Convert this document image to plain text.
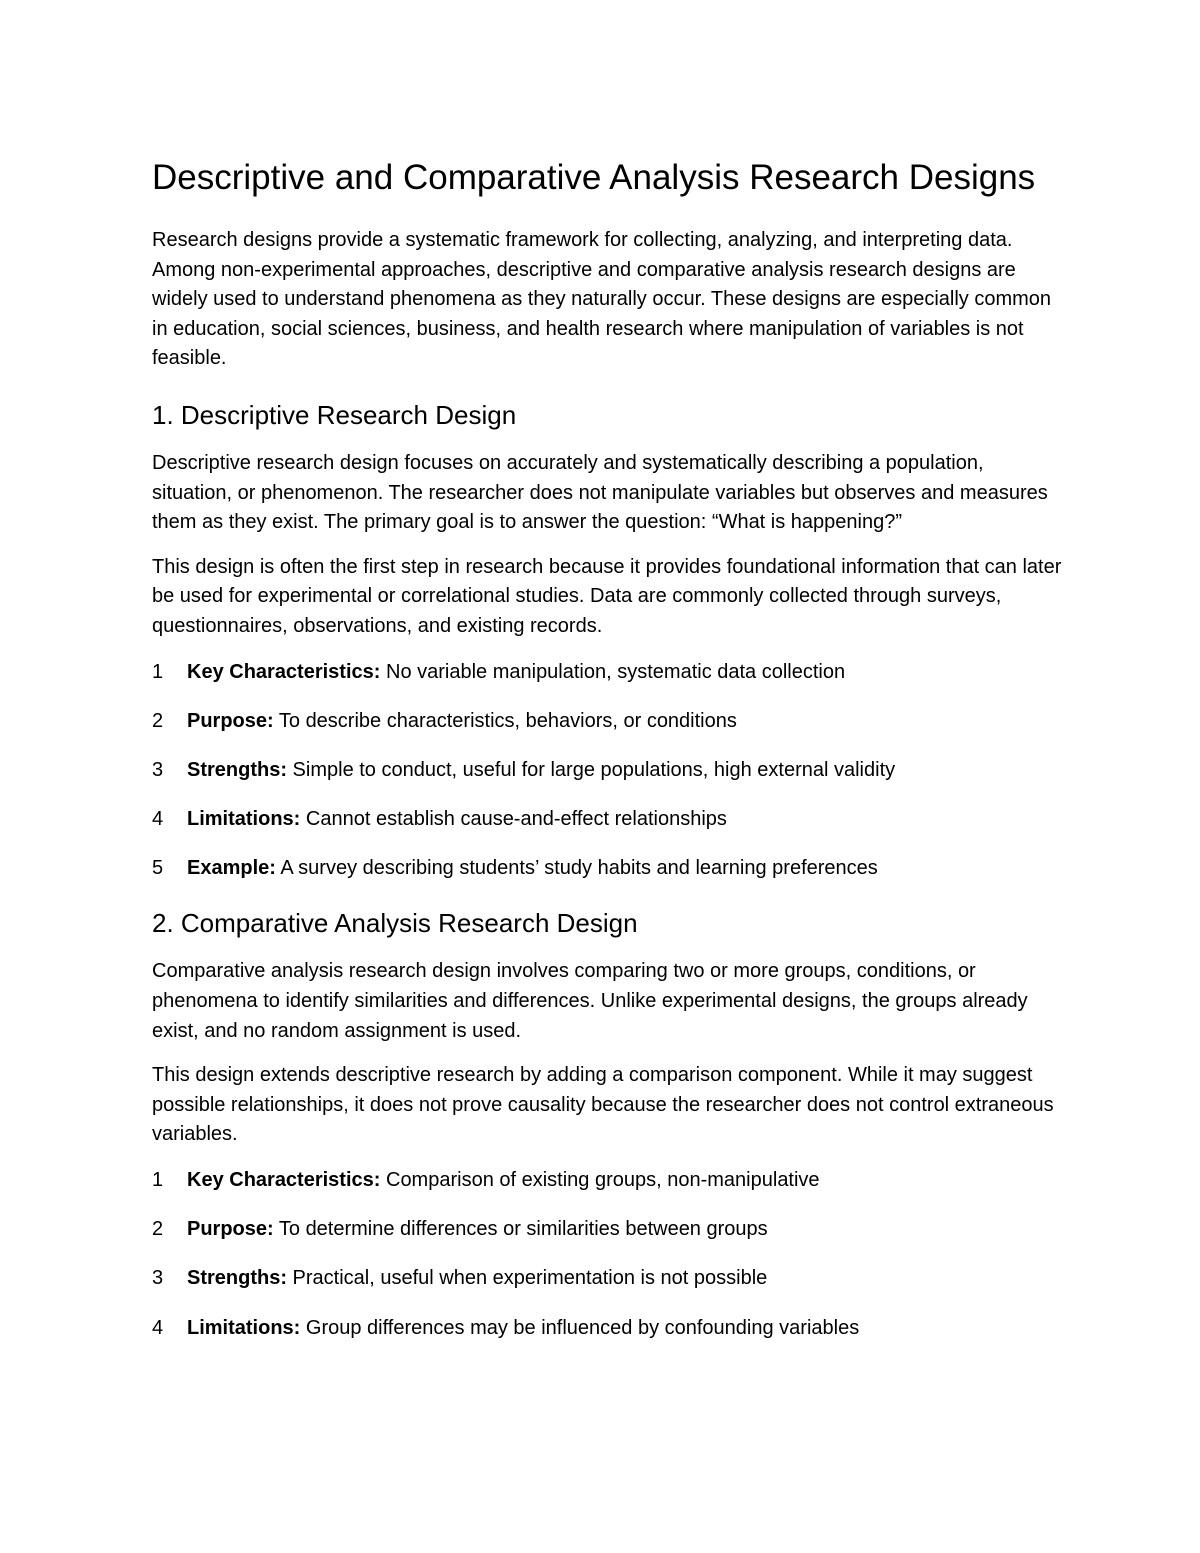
Descriptive and Comparative Analysis Research Designs

Research designs provide a systematic framework for collecting, analyzing, and interpreting data. Among non-experimental approaches, descriptive and comparative analysis research designs are widely used to understand phenomena as they naturally occur. These designs are especially common in education, social sciences, business, and health research where manipulation of variables is not feasible.

1. Descriptive Research Design

Descriptive research design focuses on accurately and systematically describing a population, situation, or phenomenon. The researcher does not manipulate variables but observes and measures them as they exist. The primary goal is to answer the question: “What is happening?”

This design is often the first step in research because it provides foundational information that can later be used for experimental or correlational studies. Data are commonly collected through surveys, questionnaires, observations, and existing records.

1	Key Characteristics: No variable manipulation, systematic data collection
2	Purpose: To describe characteristics, behaviors, or conditions
3	Strengths: Simple to conduct, useful for large populations, high external validity
4	Limitations: Cannot establish cause-and-effect relationships
5	Example: A survey describing students’ study habits and learning preferences
2. Comparative Analysis Research Design

Comparative analysis research design involves comparing two or more groups, conditions, or phenomena to identify similarities and differences. Unlike experimental designs, the groups already exist, and no random assignment is used.

This design extends descriptive research by adding a comparison component. While it may suggest possible relationships, it does not prove causality because the researcher does not control extraneous variables.

1	Key Characteristics: Comparison of existing groups, non-manipulative
2	Purpose: To determine differences or similarities between groups
3	Strengths: Practical, useful when experimentation is not possible
4	Limitations: Group differences may be influenced by confounding variables
